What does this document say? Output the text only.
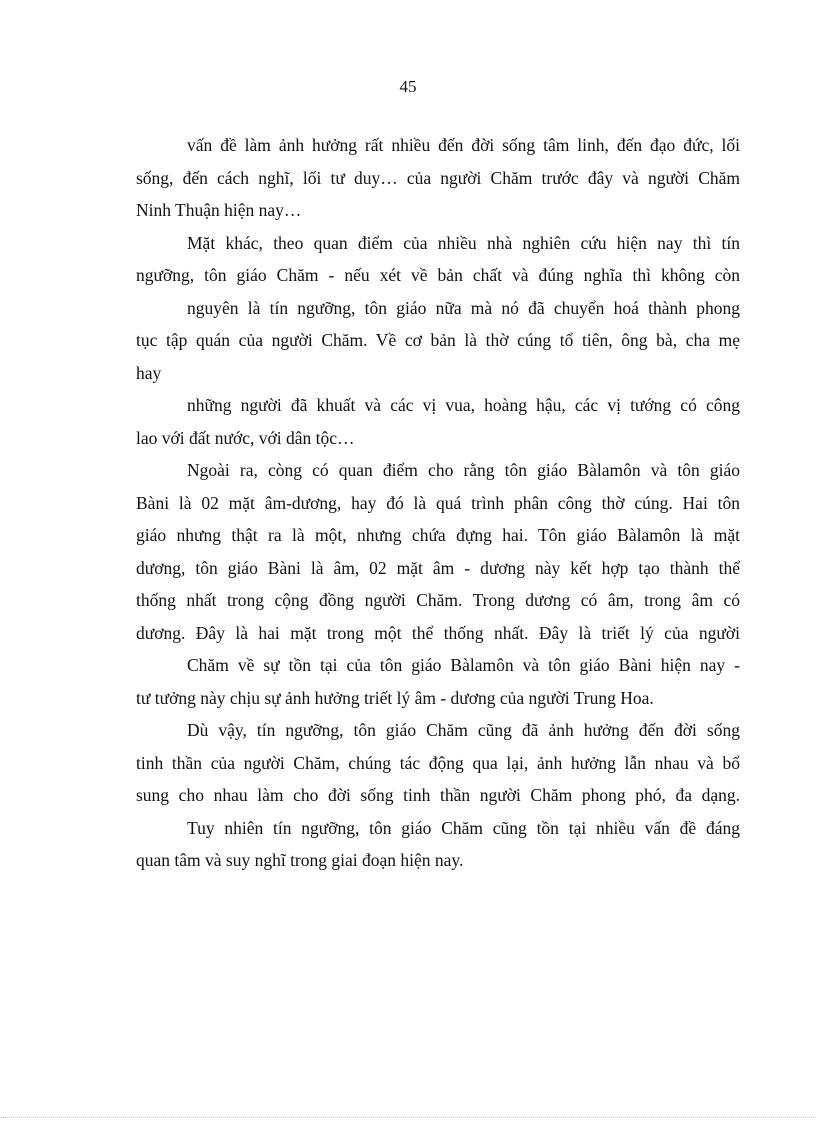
45
vấn đề làm ảnh hưởng rất nhiều đến đời sống tâm linh, đến đạo đức, lối
sống, đến cách nghĩ, lối tư duy… của người Chăm trước đây và người Chăm
Ninh Thuận hiện nay…
Mặt khác, theo quan điểm của nhiều nhà nghiên cứu hiện nay thì tín
ngưỡng, tôn giáo Chăm - nếu xét về bản chất và đúng nghĩa thì không còn
nguyên là tín ngưỡng, tôn giáo nữa mà nó đã chuyển hoá thành phong
tục tập quán của người Chăm. Về cơ bản là thờ cúng tổ tiên, ông bà, cha mẹ
hay
những người đã khuất và các vị vua, hoàng hậu, các vị tướng có công
lao với đất nước, với dân tộc…
Ngoài ra, còng có quan điểm cho rằng tôn giáo Bàlamôn và tôn giáo
Bàni là 02 mặt âm-dương, hay đó là quá trình phân công thờ cúng. Hai tôn
giáo nhưng thật ra là một, nhưng chứa đựng hai. Tôn giáo Bàlamôn là mặt
dương, tôn giáo Bàni là âm, 02 mặt âm - dương này kết hợp tạo thành thể
thống nhất trong cộng đồng người Chăm. Trong dương có âm, trong âm có
dương. Đây là hai mặt trong một thể thống nhất. Đây là triết lý của người
Chăm về sự tồn tại của tôn giáo Bàlamôn và tôn giáo Bàni hiện nay -
tư tưởng này chịu sự ảnh hưởng triết lý âm - dương của người Trung Hoa.
Dù vậy, tín ngưỡng, tôn giáo Chăm cũng đã ảnh hưởng đến đời sống
tinh thần của người Chăm, chúng tác động qua lại, ảnh hưởng lẫn nhau và bổ
sung cho nhau làm cho đời sống tinh thần người Chăm phong phó, đa dạng.
Tuy nhiên tín ngưỡng, tôn giáo Chăm cũng tồn tại nhiều vấn đề đáng
quan tâm và suy nghĩ trong giai đoạn hiện nay.
